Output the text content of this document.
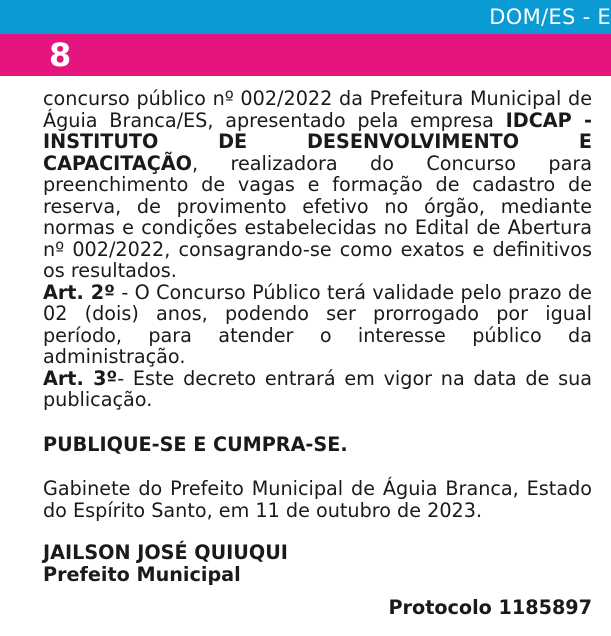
DOM/ES - E
8

concurso público nº 002/2022 da Prefeitura Municipal de Águia Branca/ES, apresentado pela empresa IDCAP - INSTITUTO DE DESENVOLVIMENTO E CAPACITAÇÃO, realizadora do Concurso para preenchimento de vagas e formação de cadastro de reserva, de provimento efetivo no órgão, mediante normas e condições estabelecidas no Edital de Abertura nº 002/2022, consagrando-se como exatos e definitivos os resultados.

Art. 2º - O Concurso Público terá validade pelo prazo de 02 (dois) anos, podendo ser prorrogado por igual período, para atender o interesse público da administração.

Art. 3º- Este decreto entrará em vigor na data de sua publicação.

PUBLIQUE-SE E CUMPRA-SE.

Gabinete do Prefeito Municipal de Águia Branca, Estado do Espírito Santo, em 11 de outubro de 2023.

JAILSON JOSÉ QUIUQUI

Prefeito Municipal

Protocolo 1185897
